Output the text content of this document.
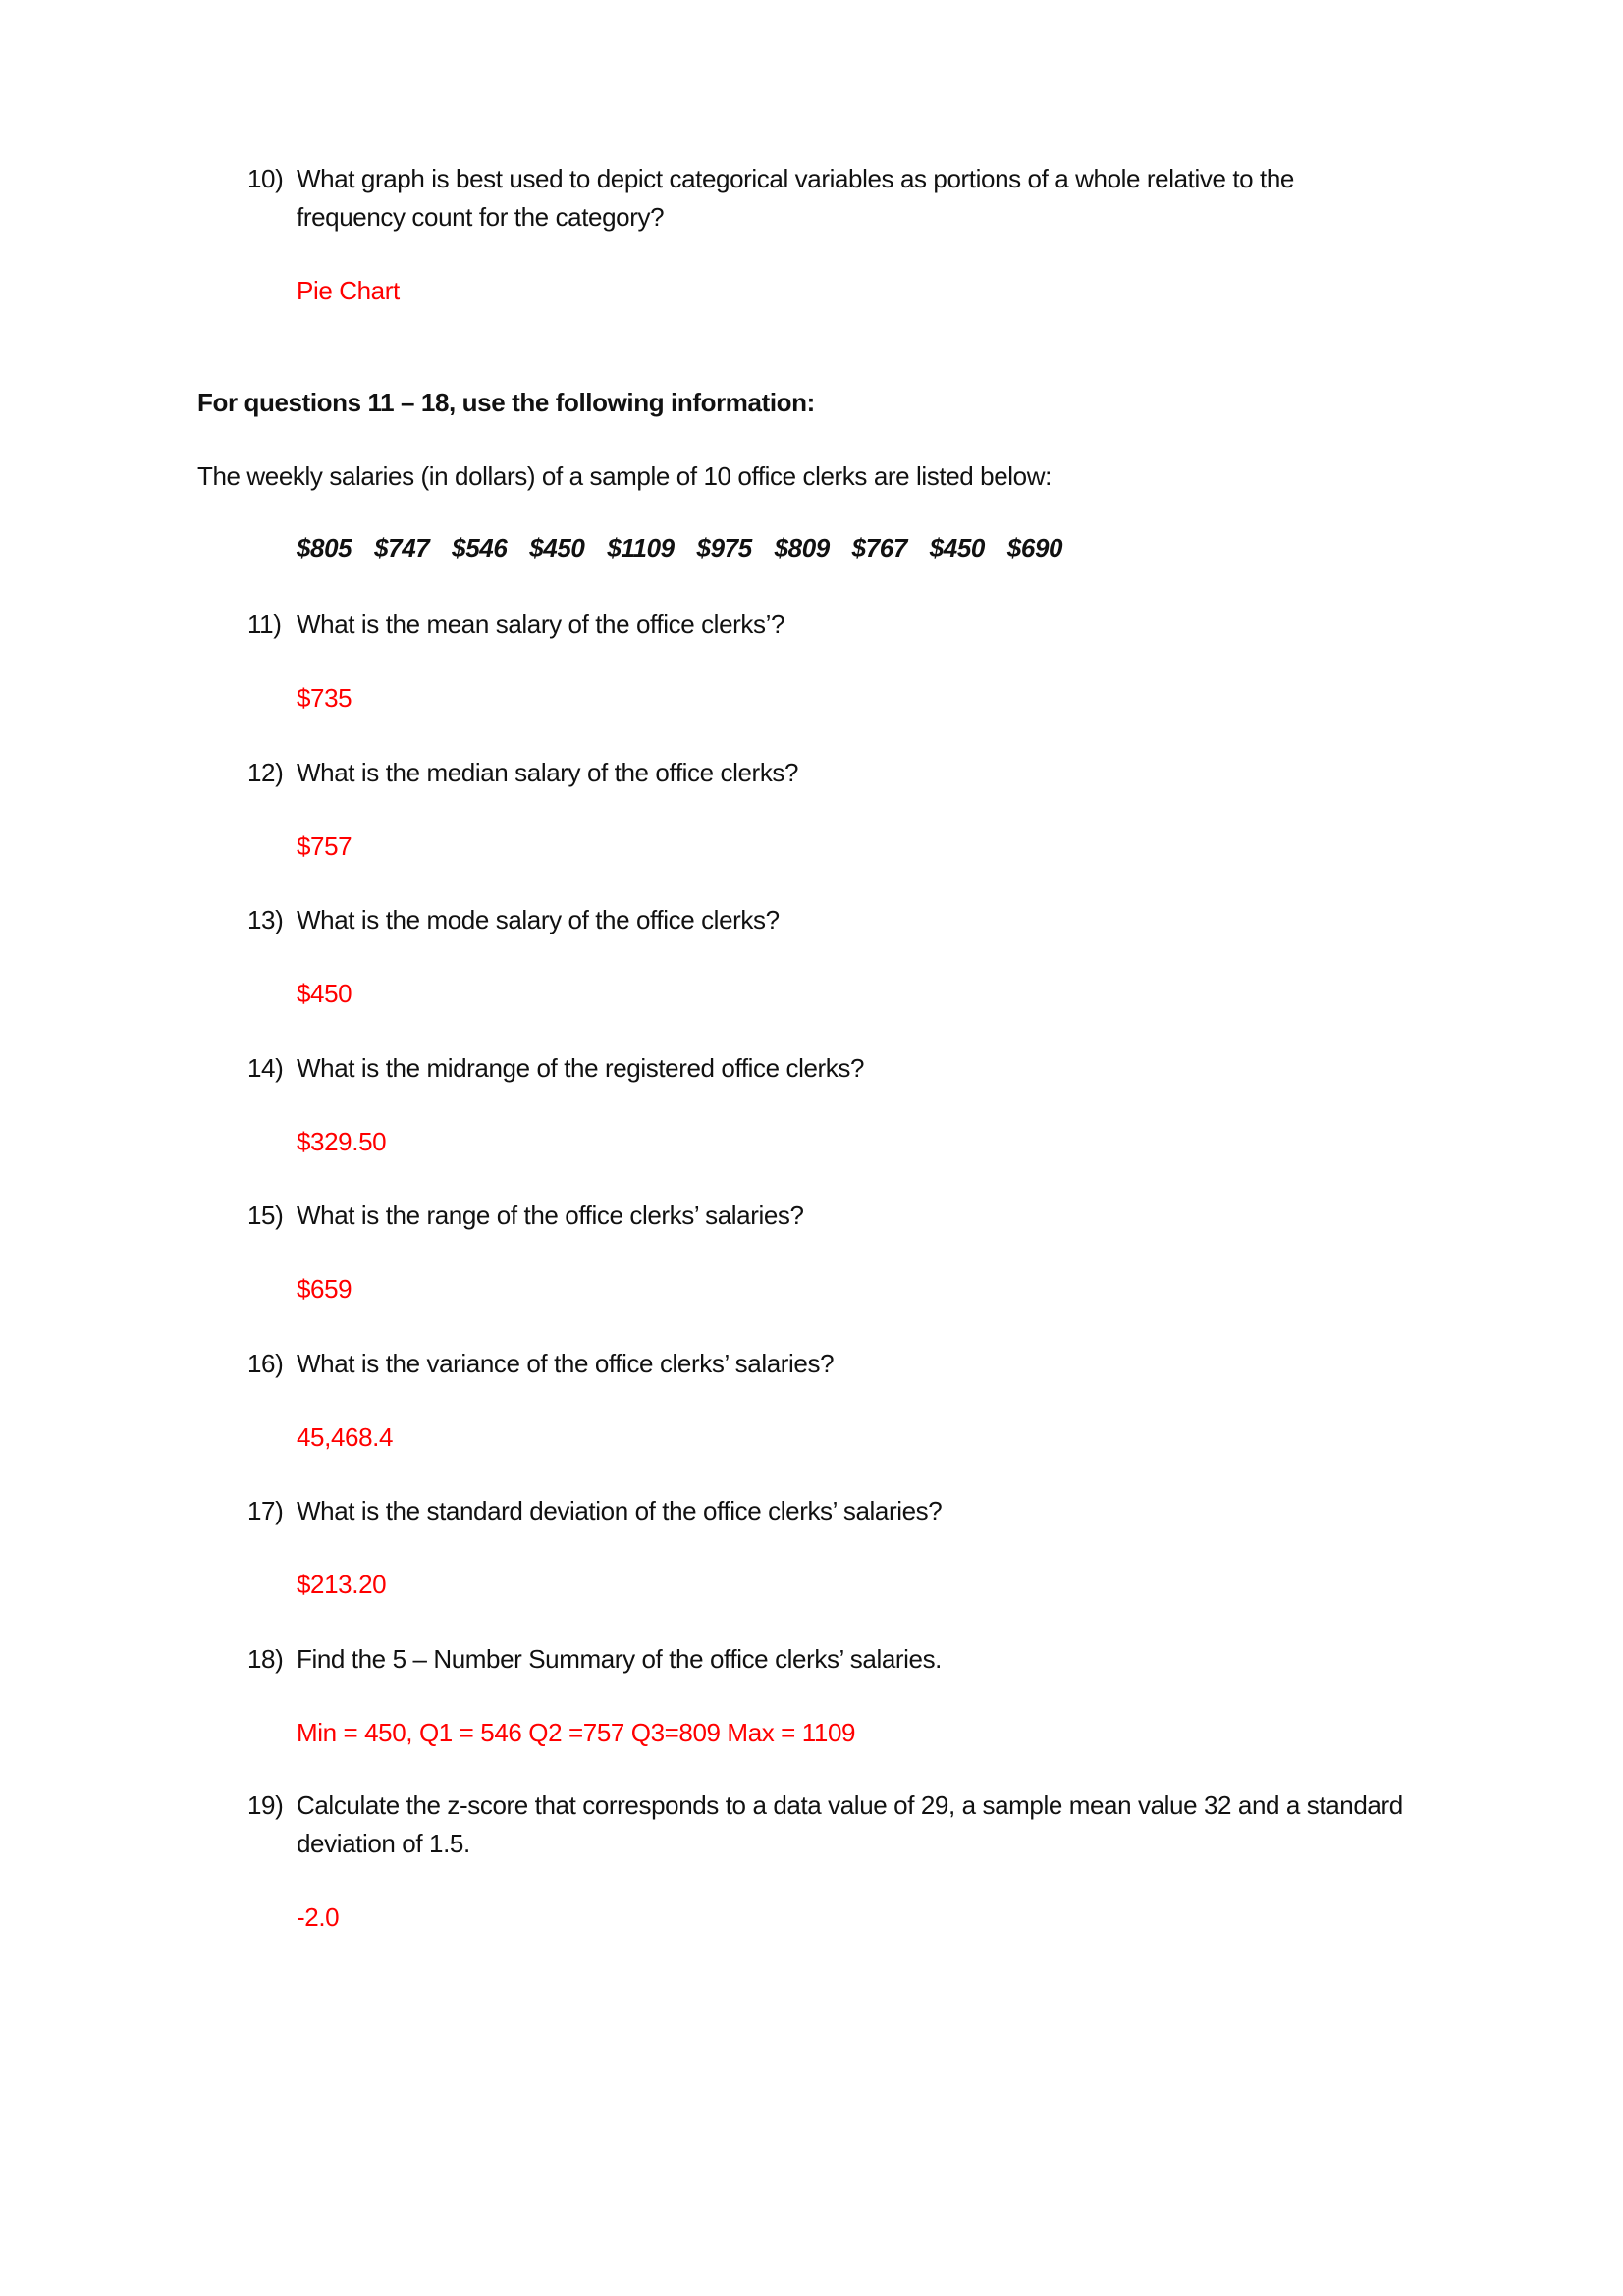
10) What graph is best used to depict categorical variables as portions of a whole relative to the
frequency count for the category?
Pie Chart
For questions 11 – 18, use the following information:
The weekly salaries (in dollars) of a sample of 10 office clerks are listed below:
$805 $747 $546 $450 $1109 $975 $809 $767 $450 $690
11) What is the mean salary of the office clerks’?
$735
12) What is the median salary of the office clerks?
$757
13) What is the mode salary of the office clerks?
$450
14) What is the midrange of the registered office clerks?
$329.50
15) What is the range of the office clerks’ salaries?
$659
16) What is the variance of the office clerks’ salaries?
45,468.4
17) What is the standard deviation of the office clerks’ salaries?
$213.20
18) Find the 5 – Number Summary of the office clerks’ salaries.
Min = 450, Q1 = 546 Q2 =757 Q3=809 Max = 1109
19) Calculate the z-score that corresponds to a data value of 29, a sample mean value 32 and a standard
deviation of 1.5.
-2.0
